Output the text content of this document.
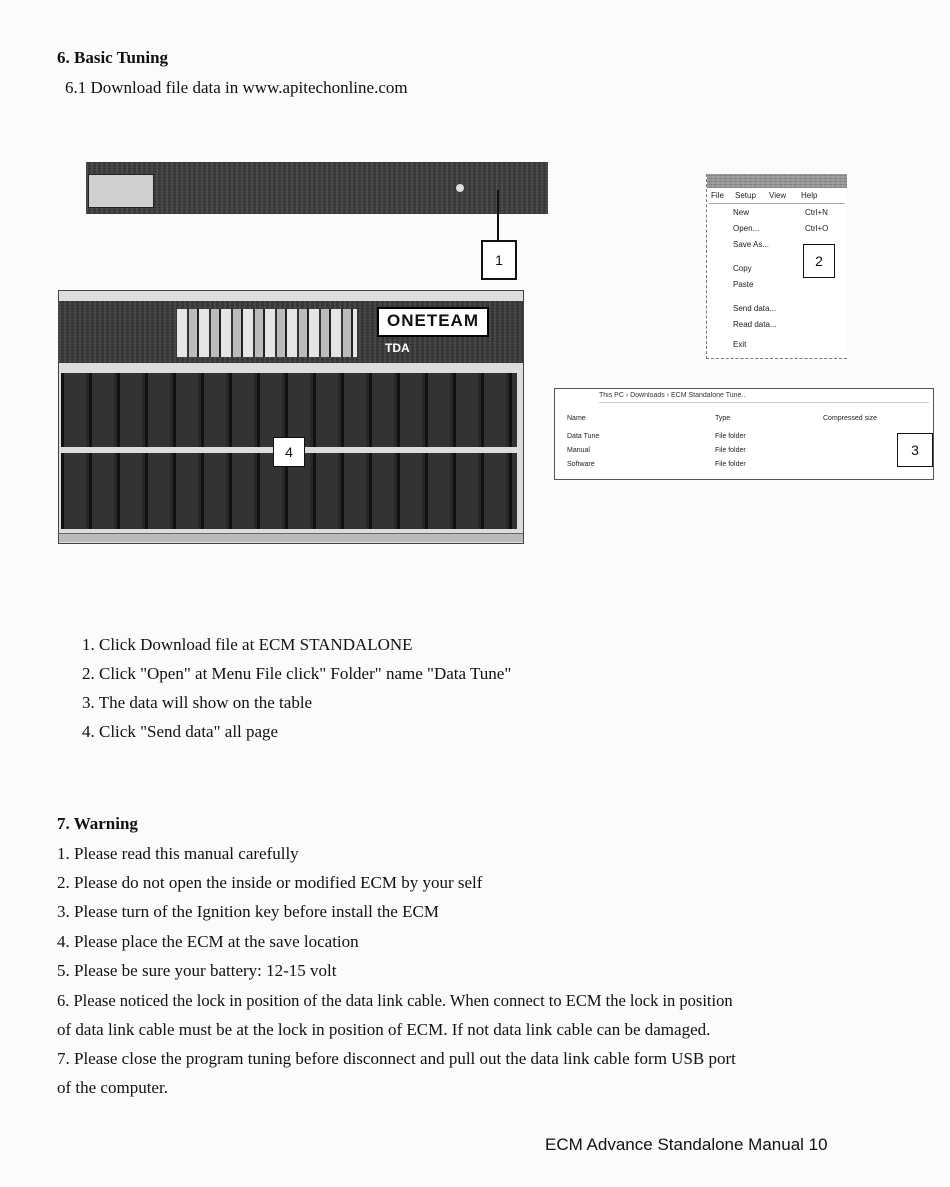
6. Basic Tuning
6.1 Download file data in www.apitechonline.com
1
File Setup View Help
New	Ctrl+N
Open...	Ctrl+O
Save As...
Copy
Paste
Send data...
Read data...
Exit
2
ONETEAM
TDA
4
This PC › Downloads › ECM Standalone Tune..
Name	Type	Compressed size
Data Tune	File folder
Manual	File folder
Software	File folder
3
1. Click Download file at ECM STANDALONE
2. Click "Open" at Menu File click" Folder" name "Data Tune"
3. The data will show on the table
4. Click "Send data" all page
7. Warning
1. Please read this manual carefully
2. Please do not open the inside or modified ECM by your self
3. Please turn of the Ignition key before install the ECM
4. Please place the ECM at the save location
5. Please be sure your battery: 12-15 volt
6. Please noticed the lock in position of the data link cable. When connect to ECM the lock in position
of data link cable must be at the lock in position of ECM. If not data link cable can be damaged.
7. Please close the program tuning before disconnect and pull out the data link cable form USB port
of the computer.
ECM Advance Standalone Manual 10
